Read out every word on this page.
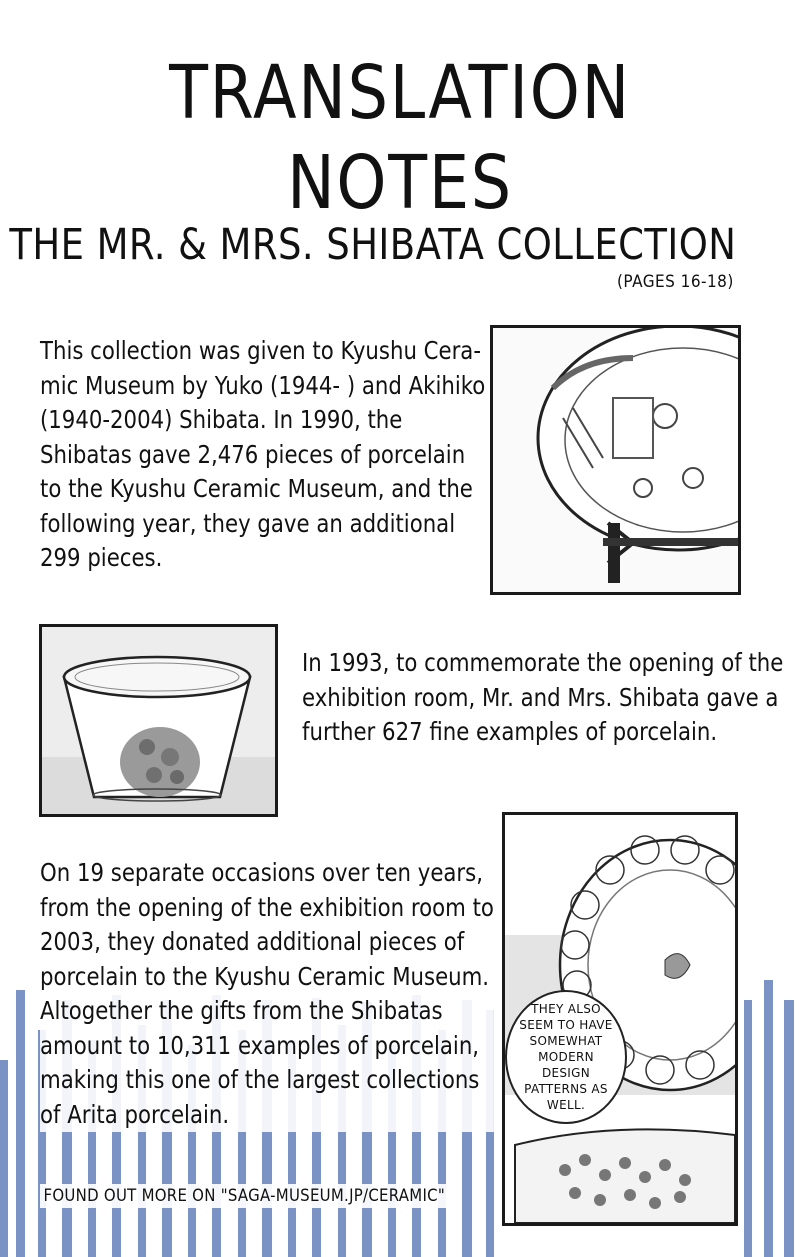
TRANSLATION NOTES
THE MR. & MRS. SHIBATA COLLECTION
(PAGES 16-18)
This collection was given to Kyushu Cera-
mic Museum by Yuko (1944- ) and Akihiko
(1940-2004) Shibata. In 1990, the
Shibatas gave 2,476 pieces of porcelain
to the Kyushu Ceramic Museum, and the
following year, they gave an additional
299 pieces.
In 1993, to commemorate the opening of the
exhibition room, Mr. and Mrs. Shibata gave a
further 627 fine examples of porcelain.
THEY ALSO SEEM TO HAVE SOMEWHAT MODERN DESIGN PATTERNS AS WELL.
On 19 separate occasions over ten years,
from the opening of the exhibition room to
2003, they donated additional pieces of
porcelain to the Kyushu Ceramic Museum.
Altogether the gifts from the Shibatas
amount to 10,311 examples of porcelain,
making this one of the largest collections
of Arita porcelain.
FOUND OUT MORE ON "SAGA-MUSEUM.JP/CERAMIC"
